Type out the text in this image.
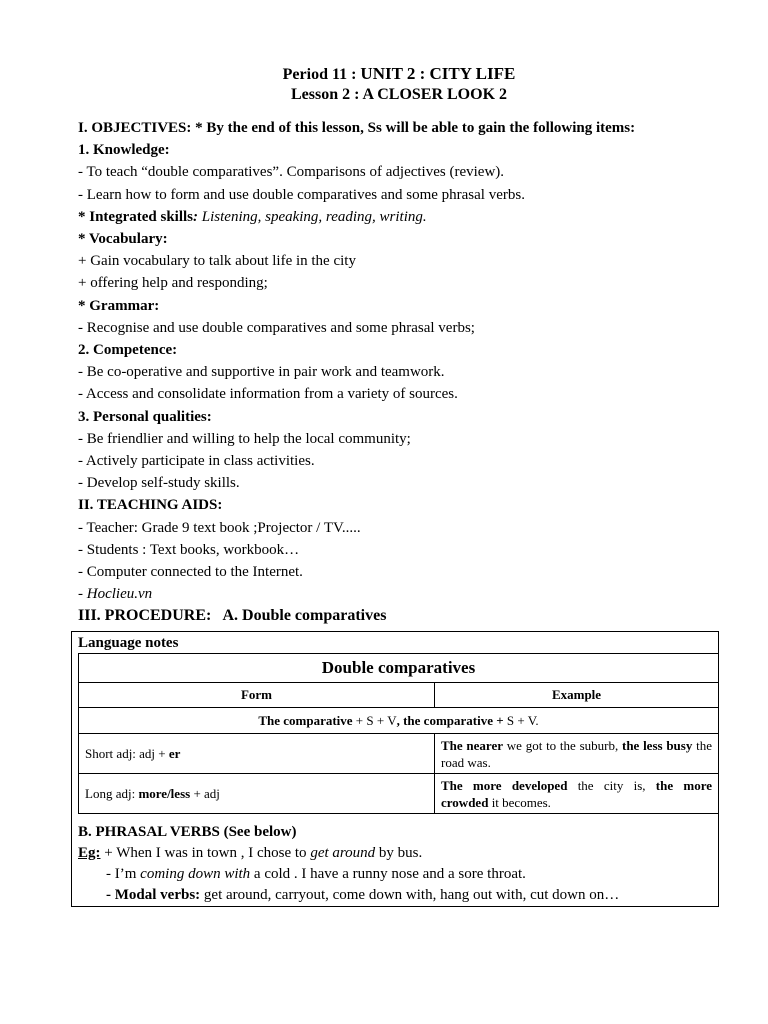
Period 11 : UNIT 2 : CITY LIFE
Lesson 2 : A CLOSER LOOK 2
I. OBJECTIVES: * By the end of this lesson, Ss will be able to gain the following items:
1. Knowledge:
- To teach “double comparatives”. Comparisons of adjectives (review).
- Learn how to form and use double comparatives and some phrasal verbs.
* Integrated skills: Listening, speaking, reading, writing.
* Vocabulary:
+ Gain vocabulary to talk about life in the city
+ offering help and responding;
* Grammar:
- Recognise and use double comparatives and some phrasal verbs;
2. Competence:
- Be co-operative and supportive in pair work and teamwork.
- Access and consolidate information from a variety of sources.
3. Personal qualities:
- Be friendlier and willing to help the local community;
- Actively participate in class activities.
- Develop self-study skills.
II. TEACHING AIDS:
- Teacher: Grade 9 text book ;Projector / TV.....
- Students : Text books, workbook…
- Computer connected to the Internet.
- Hoclieu.vn
III. PROCEDURE:   A. Double comparatives
Language notes
Double comparatives	
Form	Example
The comparative + S + V, the comparative + S + V.	
Short adj: adj + er	The nearer we got to the suburb, the less busy the road was.
Long adj: more/less + adj	The more developed the city is, the more crowded it becomes.
B. PHRASAL VERBS (See below)
Eg: + When I was in town , I chose to get around by bus.
- I’m coming down with a cold . I have a runny nose and a sore throat.
- Modal verbs: get around, carryout, come down with, hang out with, cut down on…
